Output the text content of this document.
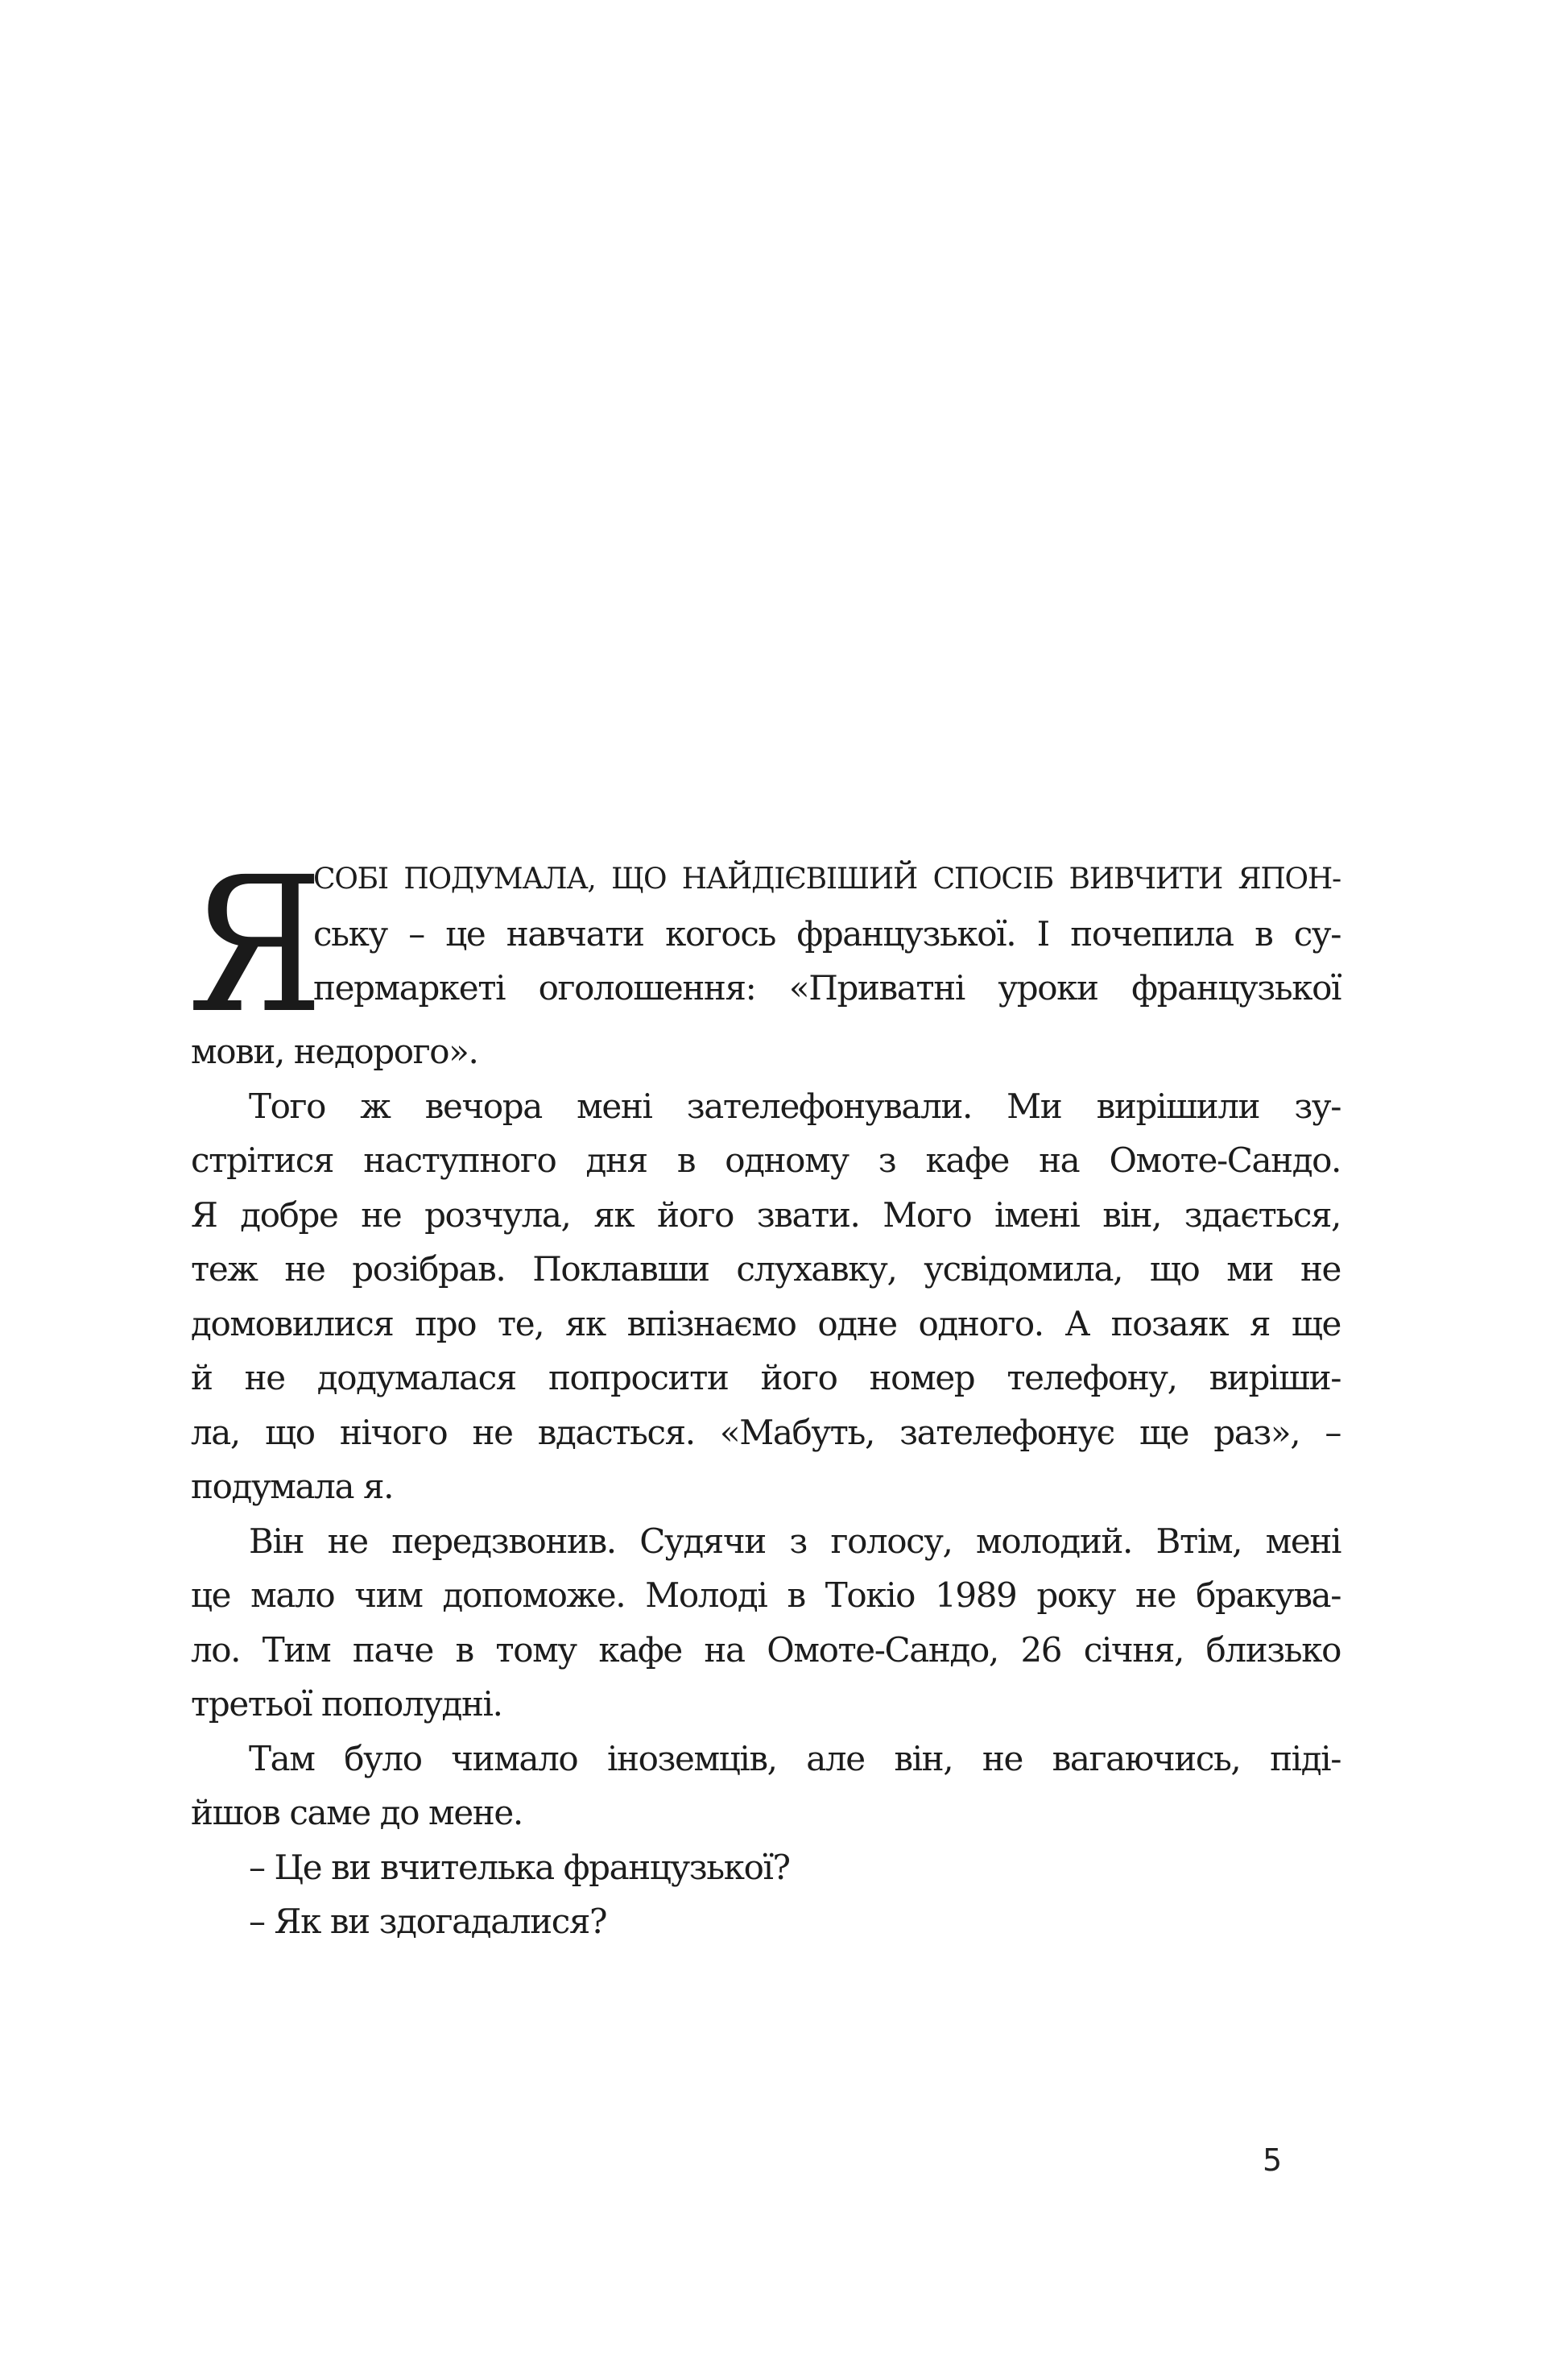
Я
СОБІ ПОДУМАЛА, ЩО НАЙДІЄВІШИЙ СПОСІБ ВИВЧИТИ ЯПОН-
ську – це навчати когось французької. І почепила в су-
пермаркеті оголошення: «Приватні уроки французької
мови, недорого».
Того ж вечора мені зателефонували. Ми вирішили зу-
стрітися наступного дня в одному з кафе на Омоте-Сандо.
Я добре не розчула, як його звати. Мого імені він, здається,
теж не розібрав. Поклавши слухавку, усвідомила, що ми не
домовилися про те, як впізнаємо одне одного. А позаяк я ще
й не додумалася попросити його номер телефону, виріши-
ла, що нічого не вдасться. «Мабуть, зателефонує ще раз», –
подумала я.
Він не передзвонив. Судячи з голосу, молодий. Втім, мені
це мало чим допоможе. Молоді в Токіо 1989 року не бракува-
ло. Тим паче в тому кафе на Омоте-Сандо, 26 січня, близько
третьої пополудні.
Там було чимало іноземців, але він, не вагаючись, піді-
йшов саме до мене.
– Це ви вчителька французької?
– Як ви здогадалися?
5
